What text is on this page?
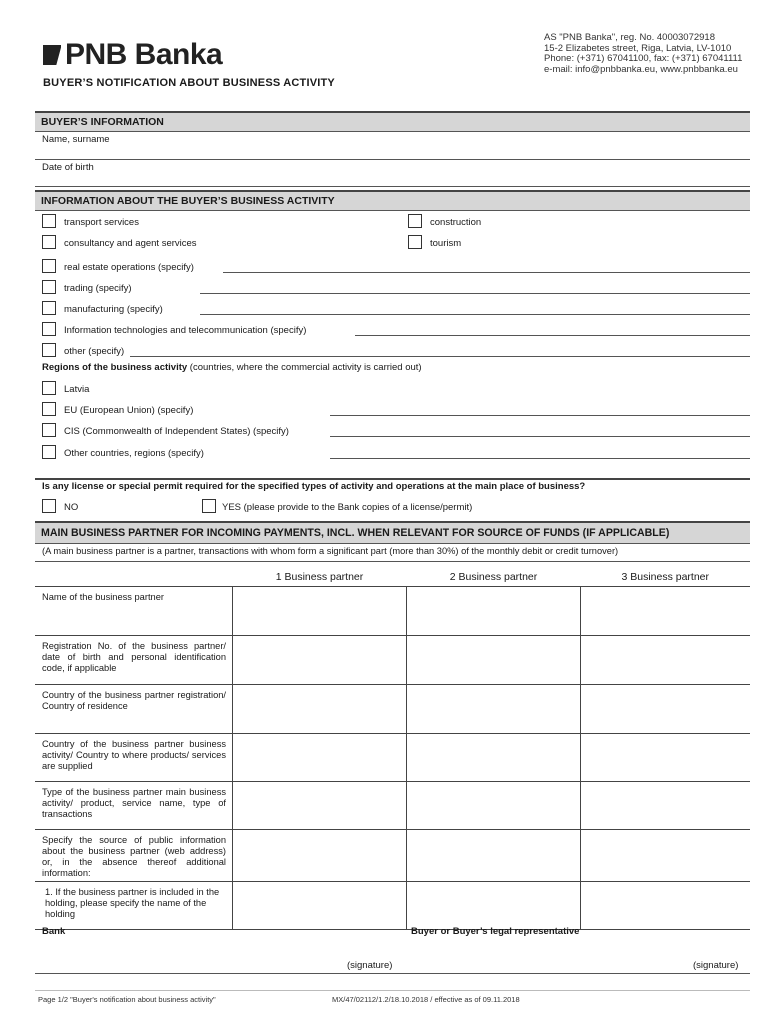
PNB Banka
AS "PNB Banka", reg. No. 40003072918
15-2 Elizabetes street, Riga, Latvia, LV-1010
Phone: (+371) 67041100, fax: (+371) 67041111
e-mail: info@pnbbanka.eu, www.pnbbanka.eu
BUYER’S NOTIFICATION ABOUT BUSINESS ACTIVITY
BUYER’S INFORMATION
Name, surname
Date of birth
INFORMATION ABOUT THE BUYER’S BUSINESS ACTIVITY
transport services
consultancy and agent services
construction
tourism
real estate operations (specify)
trading (specify)
manufacturing (specify)
Information technologies and telecommunication (specify)
other (specify)
Regions of the business activity (countries, where the commercial activity is carried out)
Latvia
EU (European Union) (specify)
CIS (Commonwealth of Independent States) (specify)
Other countries, regions (specify)
Is any license or special permit required for the specified types of activity and operations at the main place of business?
NO	YES (please provide to the Bank copies of a license/permit)
MAIN BUSINESS PARTNER FOR INCOMING PAYMENTS, INCL. WHEN RELEVANT FOR SOURCE OF FUNDS (IF APPLICABLE)
(A main business partner is a partner, transactions with whom form a significant part (more than 30%) of the monthly debit or credit turnover)
	1 Business partner	2 Business partner	3 Business partner
Name of the business partner			
Registration No. of the business partner/ date of birth and personal identification code, if applicable			
Country of the business partner registration/ Country of residence			
Country of the business partner business activity/ Country to where products/ services are supplied			
Type of the business partner main business activity/ product, service name, type of transactions			
Specify the source of public information about the business partner (web address) or, in the absence thereof additional information:			
1. If the business partner is included in the holding, please specify the name of the holding			
Bank	Buyer or Buyer’s legal representative
(signature)	(signature)
Page 1/2 "Buyer's notification about business activity"	MX/47/02112/1.2/18.10.2018 / effective as of 09.11.2018
